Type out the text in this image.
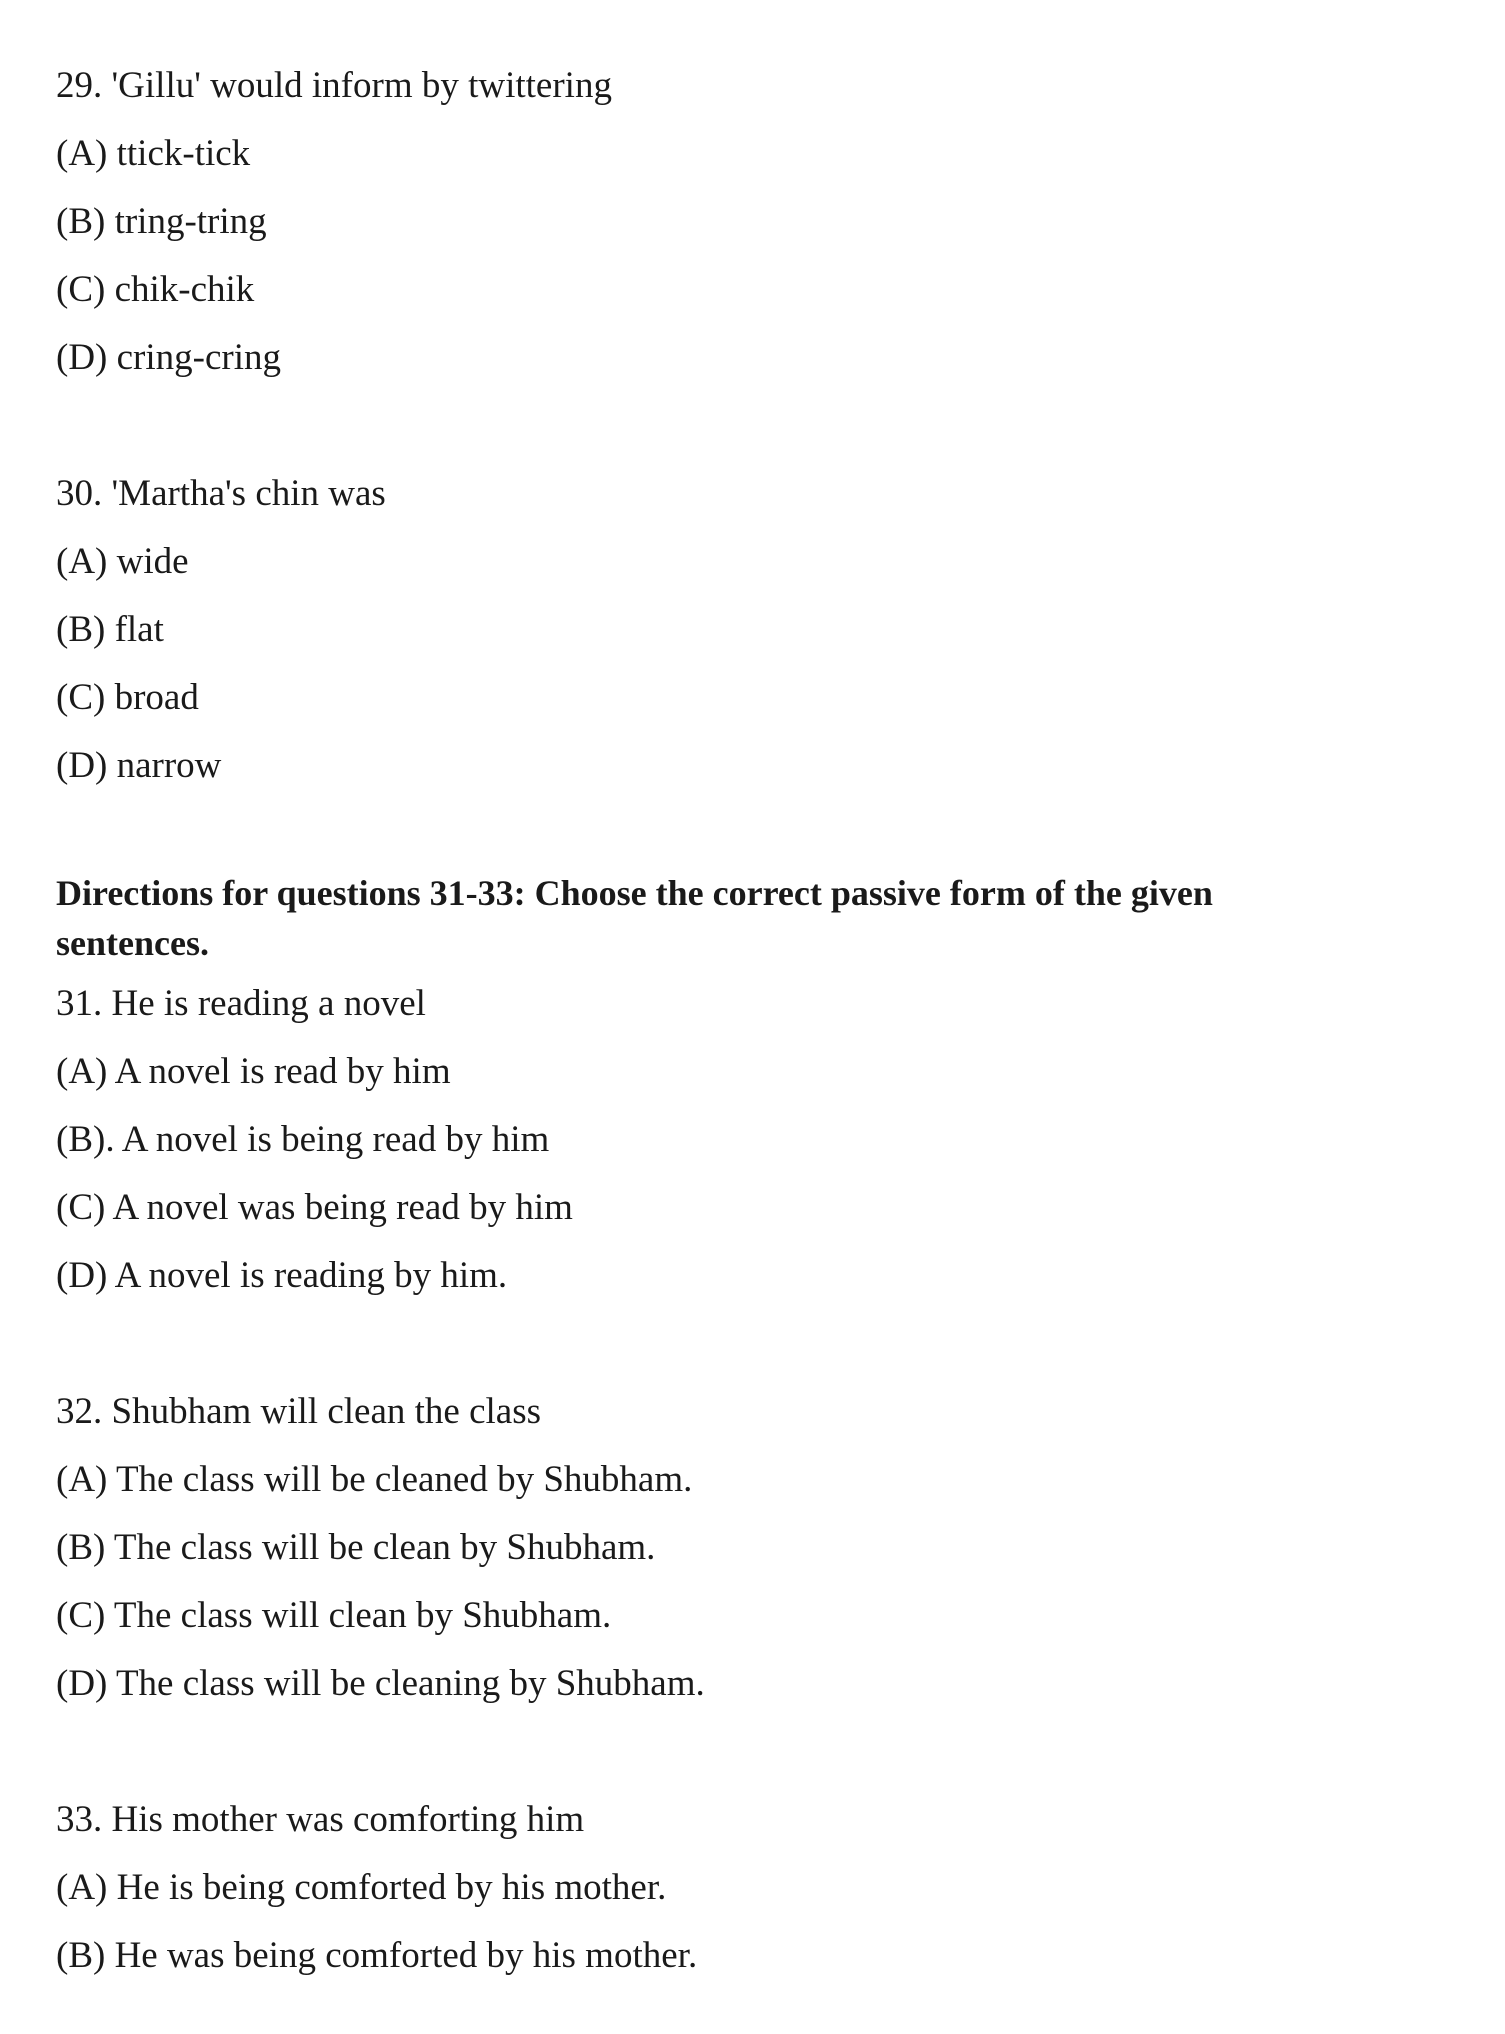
29. 'Gillu' would inform by twittering
(A) ttick-tick
(B) tring-tring
(C) chik-chik
(D) cring-cring
30. 'Martha's chin was
(A) wide
(B) flat
(C) broad
(D) narrow
Directions for questions 31-33: Choose the correct passive form of the given sentences.
31. He is reading a novel
(A) A novel is read by him
(B). A novel is being read by him
(C) A novel was being read by him
(D) A novel is reading by him.
32. Shubham will clean the class
(A) The class will be cleaned by Shubham.
(B) The class will be clean by Shubham.
(C) The class will clean by Shubham.
(D) The class will be cleaning by Shubham.
33. His mother was comforting him
(A) He is being comforted by his mother.
(B) He was being comforted by his mother.
